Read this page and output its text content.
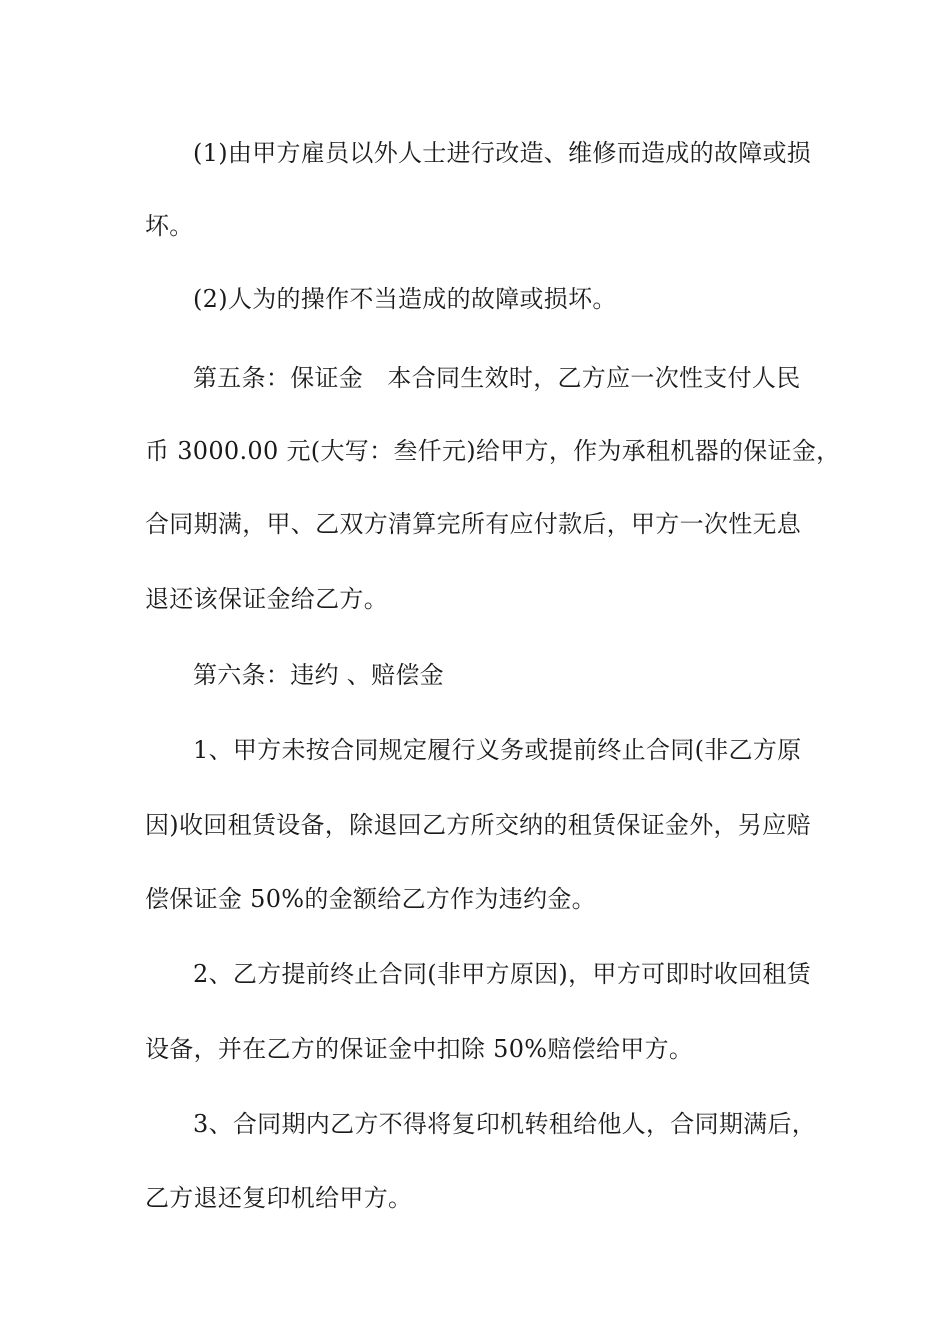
(1)由甲方雇员以外人士进行改造、维修而造成的故障或损
坏。
(2)人为的操作不当造成的故障或损坏。
第五条：保证金　本合同生效时，乙方应一次性支付人民
币 3000.00 元(大写：叁仟元)给甲方，作为承租机器的保证金，
合同期满，甲、乙双方清算完所有应付款后，甲方一次性无息
退还该保证金给乙方。
第六条：违约 、赔偿金
1、甲方未按合同规定履行义务或提前终止合同(非乙方原
因)收回租赁设备，除退回乙方所交纳的租赁保证金外，另应赔
偿保证金 50%的金额给乙方作为违约金。
2、乙方提前终止合同(非甲方原因)，甲方可即时收回租赁
设备，并在乙方的保证金中扣除 50%赔偿给甲方。
3、合同期内乙方不得将复印机转租给他人，合同期满后，
乙方退还复印机给甲方。
